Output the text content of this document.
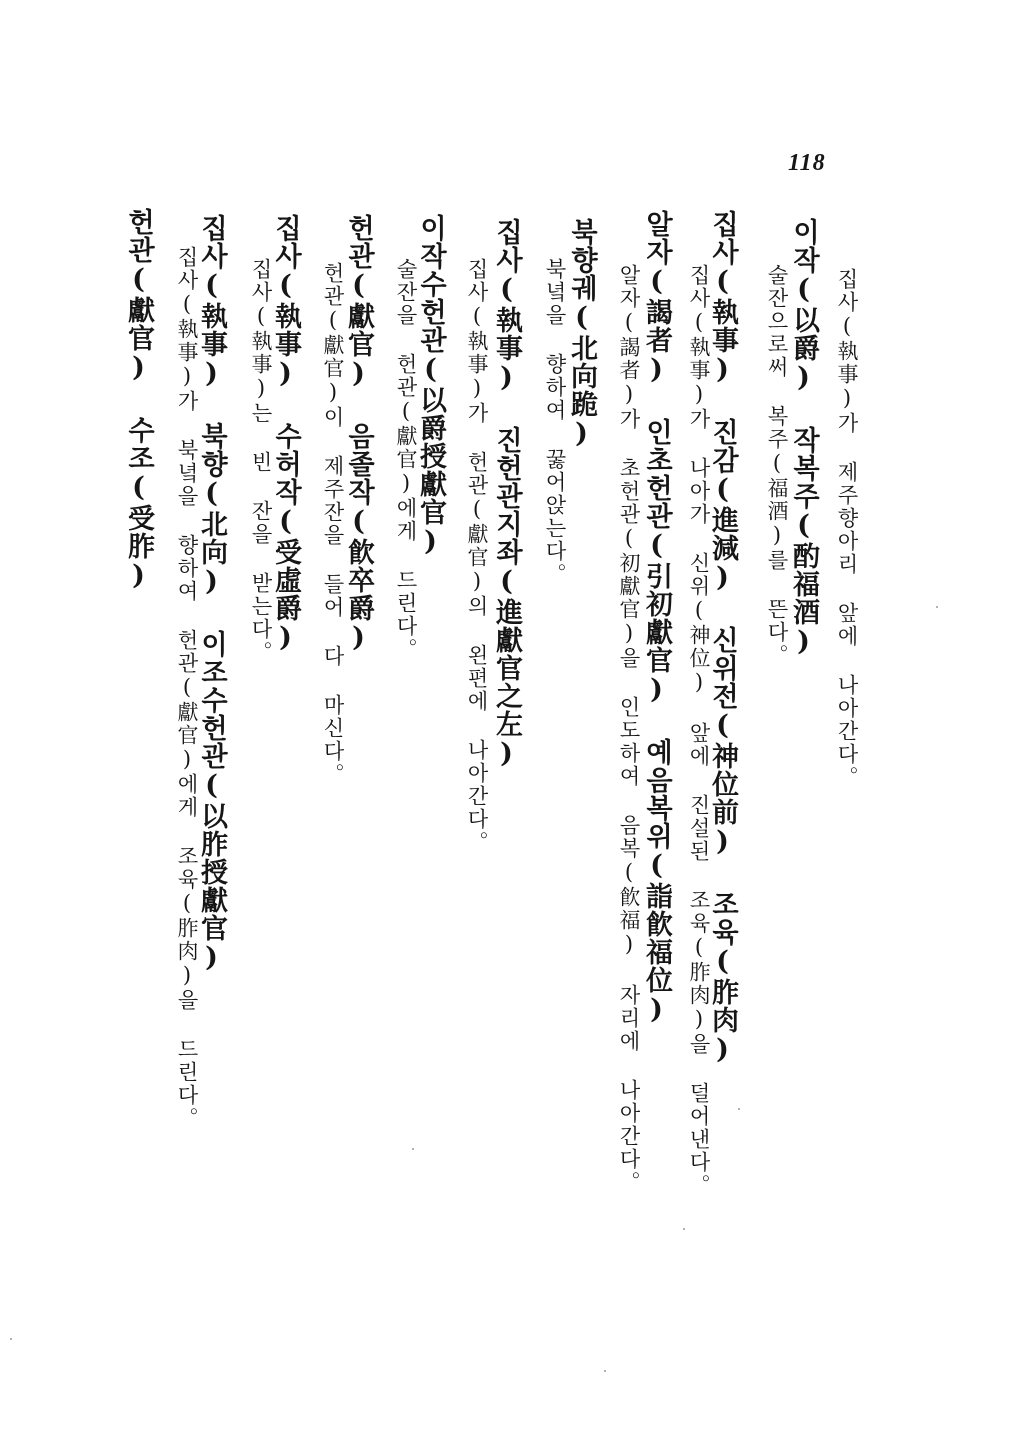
118
집사(執事)가 제주향아리 앞에 나아간다。
이작(以爵) 작복주(酌福酒)
술잔으로써 복주(福酒)를 뜬다。
집사(執事) 진감(進減) 신위전(神位前) 조육(胙肉)
집사(執事)가 나아가 신위(神位) 앞에 진설된 조육(胙肉)을 덜어낸다。
알자(謁者) 인초헌관(引初獻官) 예음복위(詣飮福位)
알자(謁者)가 초헌관(初獻官)을 인도하여 음복(飮福) 자리에 나아간다。
북향궤(北向跪)
북녘을 향하여 꿇어앉는다。
집사(執事) 진헌관지좌(進獻官之左)
집사(執事)가 헌관(獻官)의 왼편에 나아간다。
이작수헌관(以爵授獻官)
술잔을 헌관(獻官)에게 드린다。
헌관(獻官) 음졸작(飮卒爵)
헌관(獻官)이 제주잔을 들어 다 마신다。
집사(執事) 수허작(受虛爵)
집사(執事)는 빈 잔을 받는다。
집사(執事) 북향(北向) 이조수헌관(以胙授獻官)
집사(執事)가 북녘을 향하여 헌관(獻官)에게 조육(胙肉)을 드린다。
헌관(獻官) 수조(受胙)
